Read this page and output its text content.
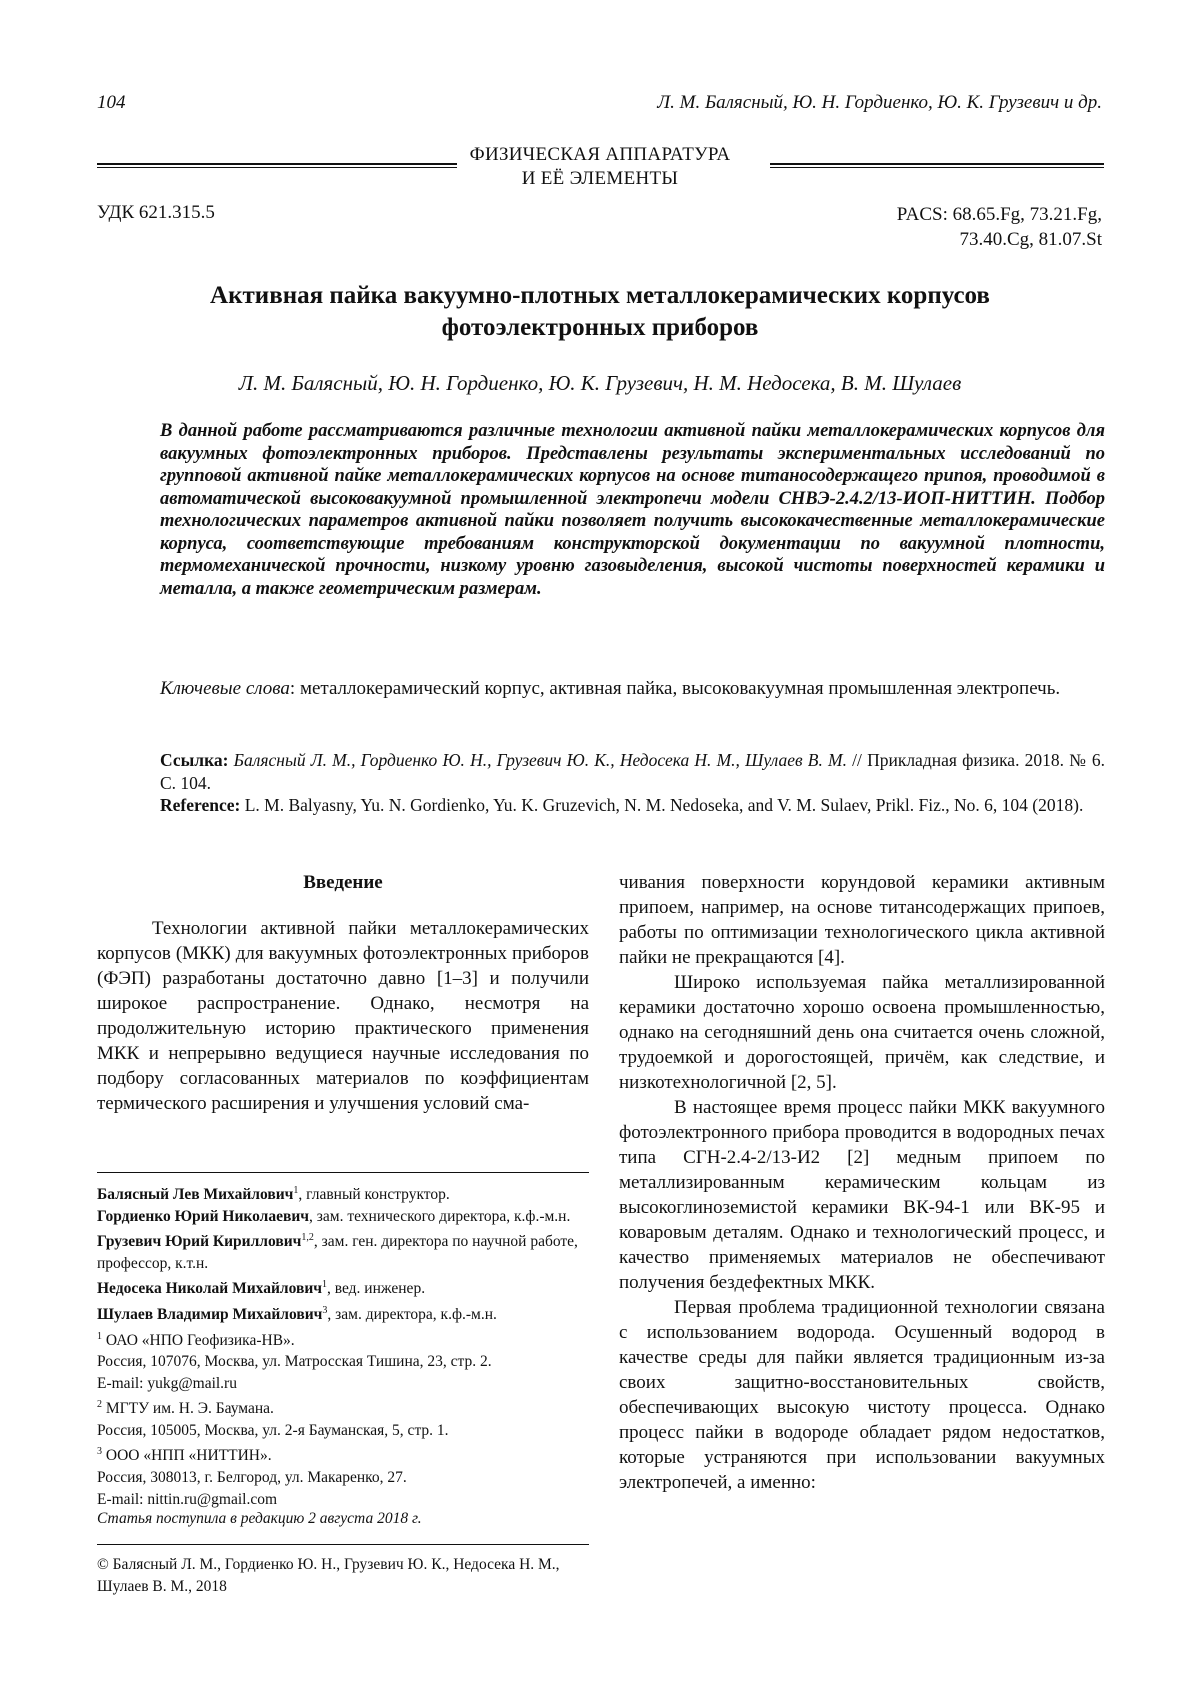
104	Л. М. Балясный, Ю. Н. Гордиенко, Ю. К. Грузевич и др.
ФИЗИЧЕСКАЯ АППАРАТУРА
И ЕЁ ЭЛЕМЕНТЫ
УДК 621.315.5	PACS: 68.65.Fg, 73.21.Fg,
73.40.Cg, 81.07.St
Активная пайка вакуумно-плотных металлокерамических корпусов
фотоэлектронных приборов
Л. М. Балясный, Ю. Н. Гордиенко, Ю. К. Грузевич, Н. М. Недосека, В. М. Шулаев
В данной работе рассматриваются различные технологии активной пайки металлокерамических корпусов для вакуумных фотоэлектронных приборов. Представлены результаты экспериментальных исследований по групповой активной пайке металлокерамических корпусов на основе титаносодержащего припоя, проводимой в автоматической высоковакуумной промышленной электропечи модели СНВЭ-2.4.2/13-ИОП-НИТТИН. Подбор технологических параметров активной пайки позволяет получить высококачественные металлокерамические корпуса, соответствующие требованиям конструкторской документации по вакуумной плотности, термомеханической прочности, низкому уровню газовыделения, высокой чистоты поверхностей керамики и металла, а также геометрическим размерам.
Ключевые слова: металлокерамический корпус, активная пайка, высоковакуумная промышленная электропечь.
Ссылка: Балясный Л. М., Гордиенко Ю. Н., Грузевич Ю. К., Недосека Н. М., Шулаев В. М. // Прикладная физика. 2018. № 6. С. 104.
Reference: L. M. Balyasny, Yu. N. Gordienko, Yu. K. Gruzevich, N. M. Nedoseka, and V. M. Sulaev, Prikl. Fiz., No. 6, 104 (2018).
Введение

Технологии активной пайки металлокерамических корпусов (МКК) для вакуумных фотоэлектронных приборов (ФЭП) разработаны достаточно давно [1–3] и получили широкое распространение. Однако, несмотря на продолжительную историю практического применения МКК и непрерывно ведущиеся научные исследования по подбору согласованных материалов по коэффициентам термического расширения и улучшения условий сма-

Балясный Лев Михайлович1, главный конструктор.
Гордиенко Юрий Николаевич, зам. технического директора, к.ф.-м.н.
Грузевич Юрий Кириллович1,2, зам. ген. директора по научной работе, профессор, к.т.н.
Недосека Николай Михайлович1, вед. инженер.
Шулаев Владимир Михайлович3, зам. директора, к.ф.-м.н.
1 ОАО «НПО Геофизика-НВ».
Россия, 107076, Москва, ул. Матросская Тишина, 23, стр. 2.
E-mail: yukg@mail.ru
2 МГТУ им. Н. Э. Баумана.
Россия, 105005, Москва, ул. 2-я Бауманская, 5, стр. 1.
3 ООО «НПП «НИТТИН».
Россия, 308013, г. Белгород, ул. Макаренко, 27.
E-mail: nittin.ru@gmail.com
Статья поступила в редакцию 2 августа 2018 г.
© Балясный Л. М., Гордиенко Ю. Н., Грузевич Ю. К., Недосека Н. М., Шулаев В. М., 2018

чивания поверхности корундовой керамики активным припоем, например, на основе титансодержащих припоев, работы по оптимизации технологического цикла активной пайки не прекращаются [4].

Широко используемая пайка металлизированной керамики достаточно хорошо освоена промышленностью, однако на сегодняшний день она считается очень сложной, трудоемкой и дорогостоящей, причём, как следствие, и низкотехнологичной [2, 5].

В настоящее время процесс пайки МКК вакуумного фотоэлектронного прибора проводится в водородных печах типа СГН-2.4-2/13-И2 [2] медным припоем по металлизированным керамическим кольцам из высокоглиноземистой керамики ВК-94-1 или ВК-95 и коваровым деталям. Однако и технологический процесс, и качество применяемых материалов не обеспечивают получения бездефектных МКК.

Первая проблема традиционной технологии связана с использованием водорода. Осушенный водород в качестве среды для пайки является традиционным из-за своих защитно-восстановительных свойств, обеспечивающих высокую чистоту процесса. Однако процесс пайки в водороде обладает рядом недостатков, которые устраняются при использовании вакуумных электропечей, а именно:
